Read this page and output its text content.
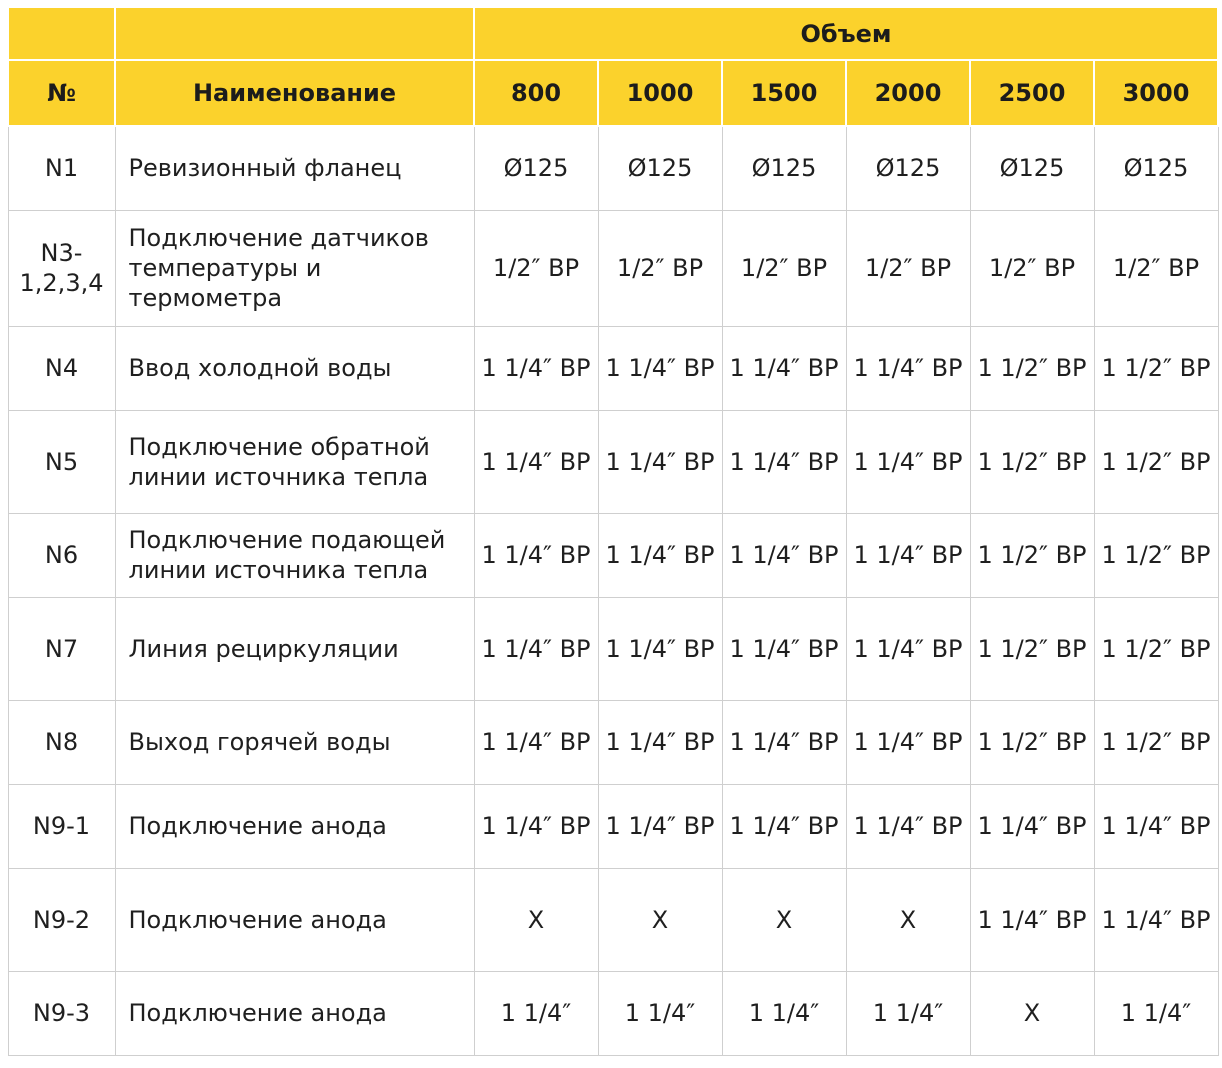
		Объем					
№	Наименование	800	1000	1500	2000	2500	3000
N1	Ревизионный фланец	Ø125	Ø125	Ø125	Ø125	Ø125	Ø125
N3-1,2,3,4	Подключение датчиков температуры и термометра	1/2″ ВР	1/2″ ВР	1/2″ ВР	1/2″ ВР	1/2″ ВР	1/2″ ВР
N4	Ввод холодной воды	1 1/4″ ВР	1 1/4″ ВР	1 1/4″ ВР	1 1/4″ ВР	1 1/2″ ВР	1 1/2″ ВР
N5	Подключение обратной линии источника тепла	1 1/4″ ВР	1 1/4″ ВР	1 1/4″ ВР	1 1/4″ ВР	1 1/2″ ВР	1 1/2″ ВР
N6	Подключение подающей линии источника тепла	1 1/4″ ВР	1 1/4″ ВР	1 1/4″ ВР	1 1/4″ ВР	1 1/2″ ВР	1 1/2″ ВР
N7	Линия рециркуляции	1 1/4″ ВР	1 1/4″ ВР	1 1/4″ ВР	1 1/4″ ВР	1 1/2″ ВР	1 1/2″ ВР
N8	Выход горячей воды	1 1/4″ ВР	1 1/4″ ВР	1 1/4″ ВР	1 1/4″ ВР	1 1/2″ ВР	1 1/2″ ВР
N9-1	Подключение анода	1 1/4″ ВР	1 1/4″ ВР	1 1/4″ ВР	1 1/4″ ВР	1 1/4″ ВР	1 1/4″ ВР
N9-2	Подключение анода	X	X	X	X	1 1/4″ ВР	1 1/4″ ВР
N9-3	Подключение анода	1 1/4″	1 1/4″	1 1/4″	1 1/4″	X	1 1/4″
